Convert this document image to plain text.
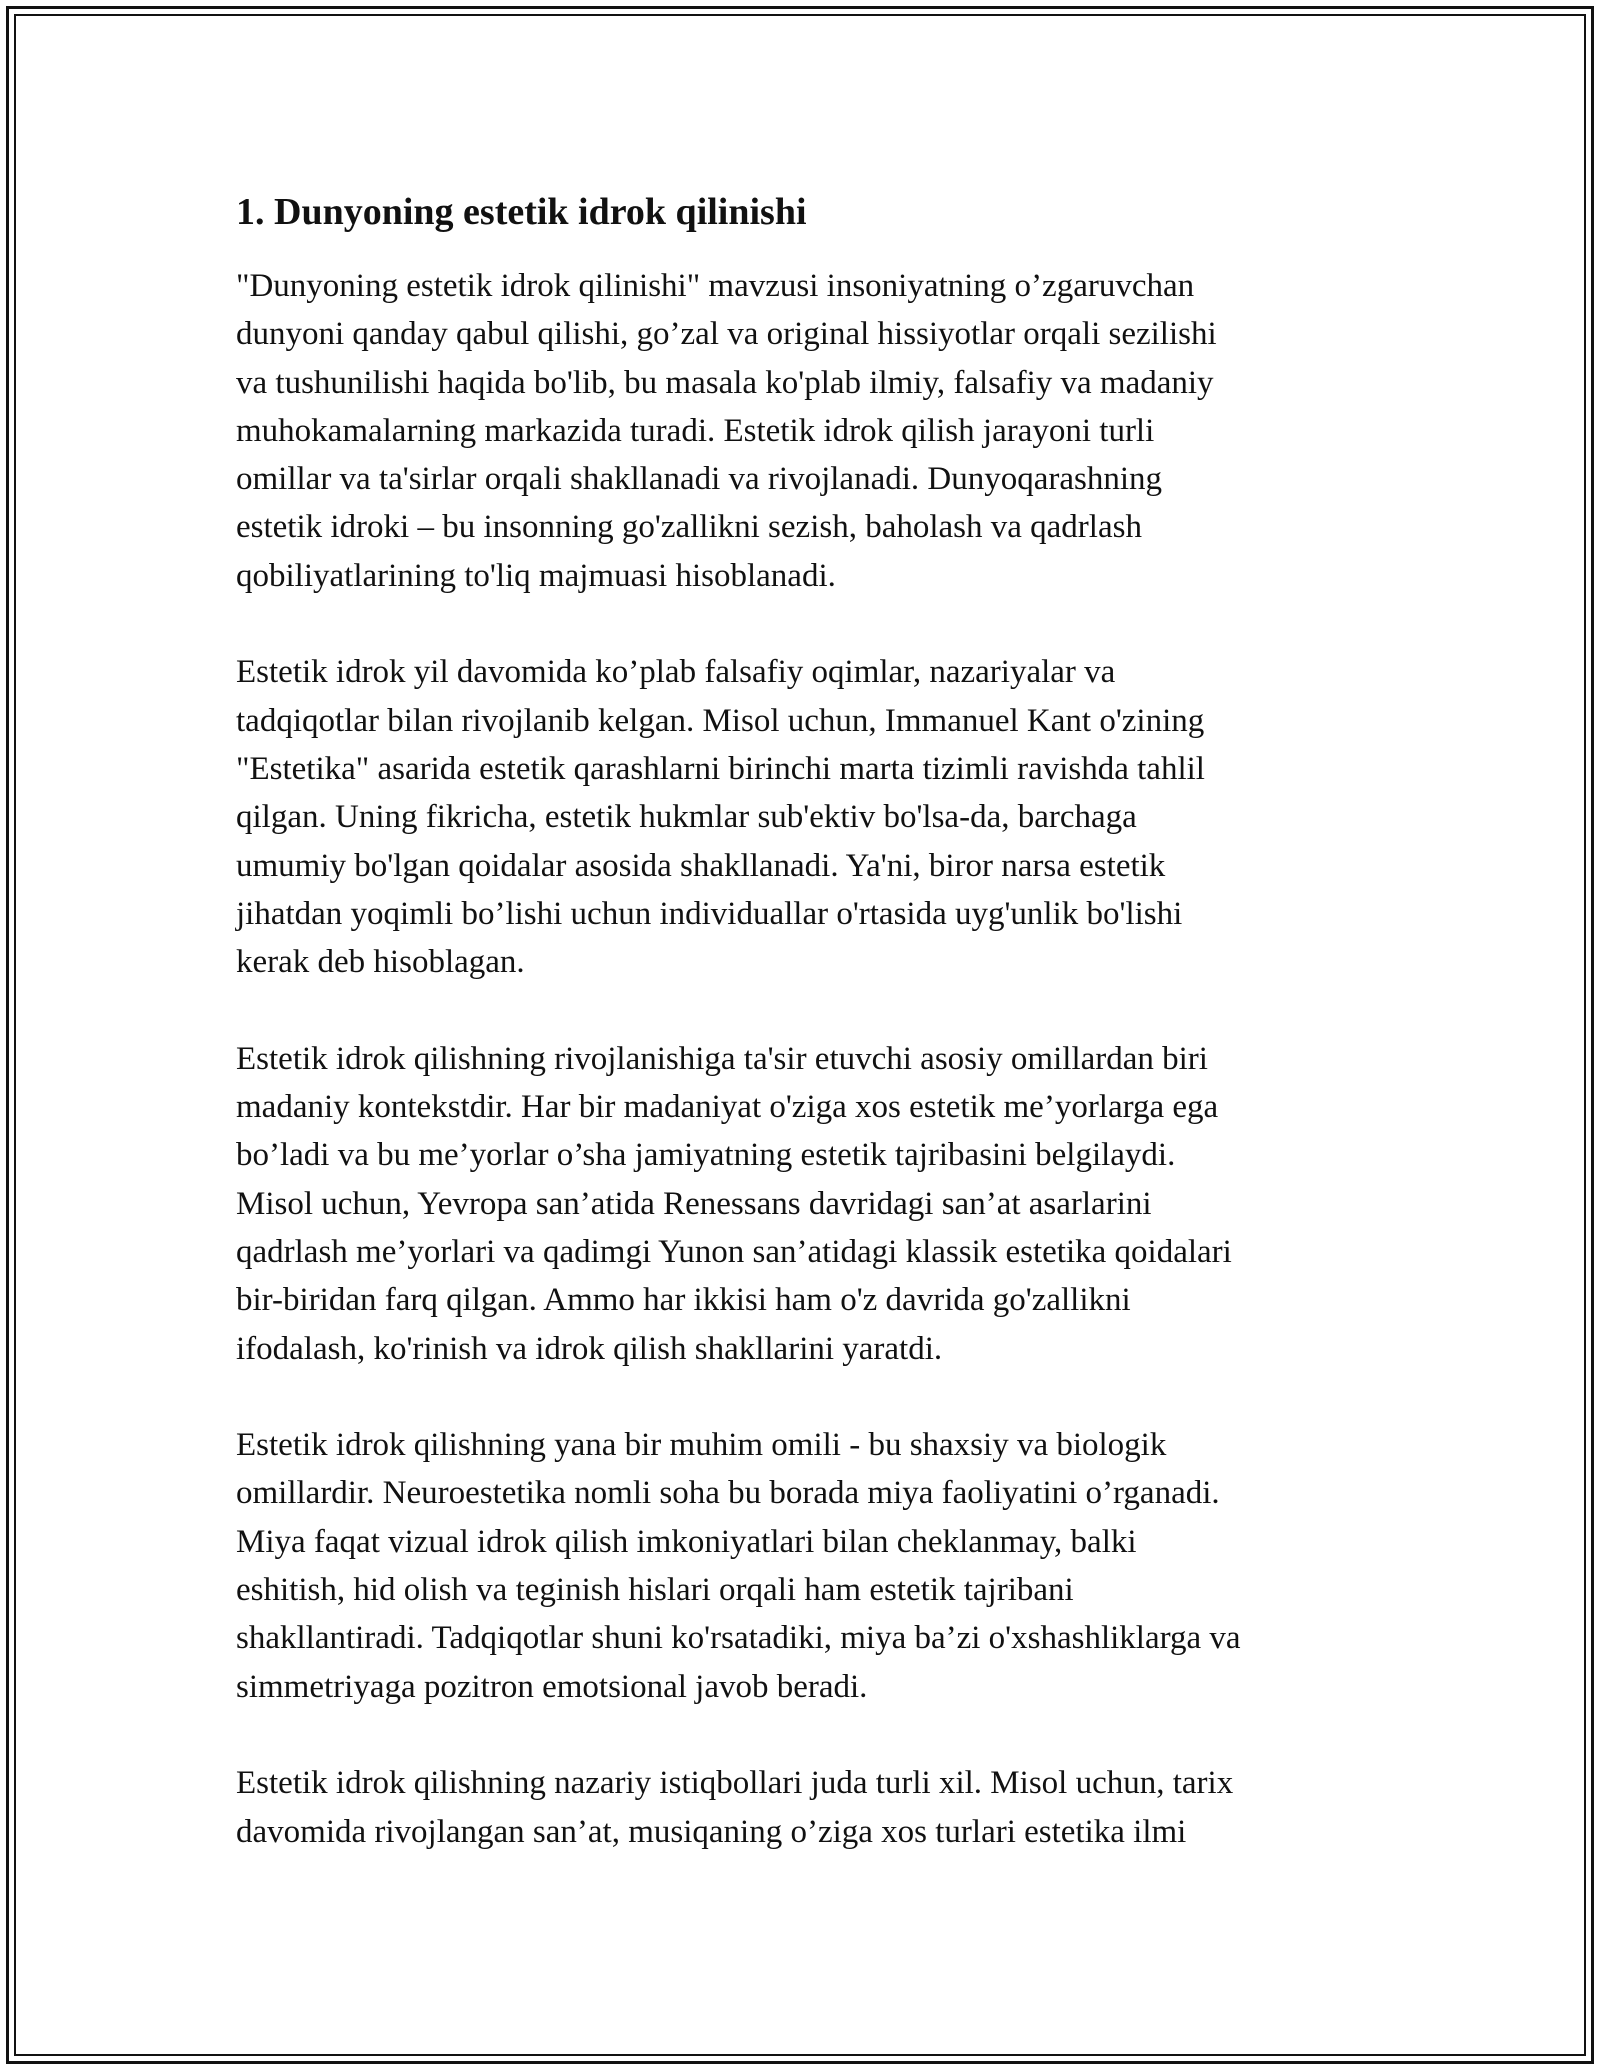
1. Dunyoning estetik idrok qilinishi

"Dunyoning estetik idrok qilinishi" mavzusi insoniyatning o’zgaruvchan
dunyoni qanday qabul qilishi, go’zal va original hissiyotlar orqali sezilishi
va tushunilishi haqida bo'lib, bu masala ko'plab ilmiy, falsafiy va madaniy
muhokamalarning markazida turadi. Estetik idrok qilish jarayoni turli
omillar va ta'sirlar orqali shakllanadi va rivojlanadi. Dunyoqarashning
estetik idroki – bu insonning go'zallikni sezish, baholash va qadrlash
qobiliyatlarining to'liq majmuasi hisoblanadi.

Estetik idrok yil davomida ko’plab falsafiy oqimlar, nazariyalar va
tadqiqotlar bilan rivojlanib kelgan. Misol uchun, Immanuel Kant o'zining
"Estetika" asarida estetik qarashlarni birinchi marta tizimli ravishda tahlil
qilgan. Uning fikricha, estetik hukmlar sub'ektiv bo'lsa-da, barchaga
umumiy bo'lgan qoidalar asosida shakllanadi. Ya'ni, biror narsa estetik
jihatdan yoqimli bo’lishi uchun individuallar o'rtasida uyg'unlik bo'lishi
kerak deb hisoblagan.

Estetik idrok qilishning rivojlanishiga ta'sir etuvchi asosiy omillardan biri
madaniy kontekstdir. Har bir madaniyat o'ziga xos estetik me’yorlarga ega
bo’ladi va bu me’yorlar o’sha jamiyatning estetik tajribasini belgilaydi.
Misol uchun, Yevropa san’atida Renessans davridagi san’at asarlarini
qadrlash me’yorlari va qadimgi Yunon san’atidagi klassik estetika qoidalari
bir-biridan farq qilgan. Ammo har ikkisi ham o'z davrida go'zallikni
ifodalash, ko'rinish va idrok qilish shakllarini yaratdi.

Estetik idrok qilishning yana bir muhim omili - bu shaxsiy va biologik
omillardir. Neuroestetika nomli soha bu borada miya faoliyatini o’rganadi.
Miya faqat vizual idrok qilish imkoniyatlari bilan cheklanmay, balki
eshitish, hid olish va teginish hislari orqali ham estetik tajribani
shakllantiradi. Tadqiqotlar shuni ko'rsatadiki, miya ba’zi o'xshashliklarga va
simmetriyaga pozitron emotsional javob beradi.

Estetik idrok qilishning nazariy istiqbollari juda turli xil. Misol uchun, tarix
davomida rivojlangan san’at, musiqaning o’ziga xos turlari estetika ilmi
